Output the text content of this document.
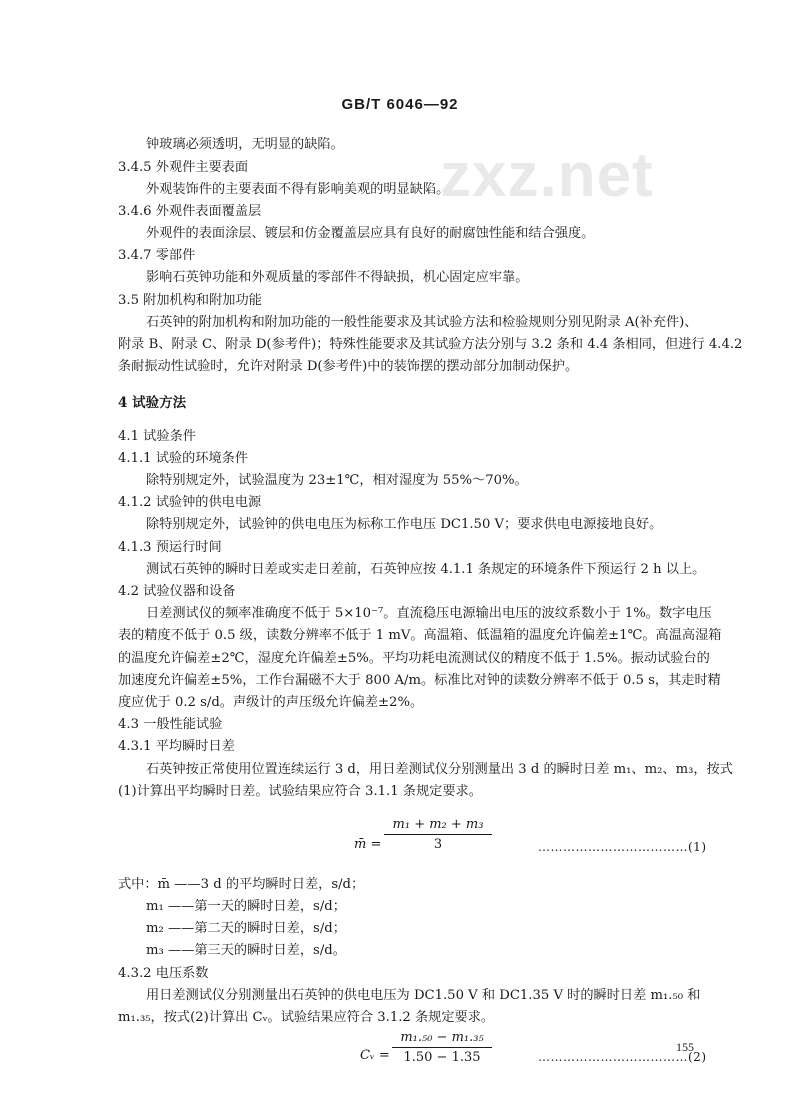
GB/T 6046—92
zxz.net
钟玻璃必须透明，无明显的缺陷。
3.4.5 外观件主要表面
外观装饰件的主要表面不得有影响美观的明显缺陷。
3.4.6 外观件表面覆盖层
外观件的表面涂层、镀层和仿金覆盖层应具有良好的耐腐蚀性能和结合强度。
3.4.7 零部件
影响石英钟功能和外观质量的零部件不得缺损，机心固定应牢靠。
3.5 附加机构和附加功能
石英钟的附加机构和附加功能的一般性能要求及其试验方法和检验规则分别见附录 A(补充件)、
附录 B、附录 C、附录 D(参考件)；特殊性能要求及其试验方法分别与 3.2 条和 4.4 条相同，但进行 4.4.2
条耐振动性试验时，允许对附录 D(参考件)中的装饰摆的摆动部分加制动保护。
4 试验方法
4.1 试验条件
4.1.1 试验的环境条件
除特别规定外，试验温度为 23±1℃，相对湿度为 55%～70%。
4.1.2 试验钟的供电电源
除特别规定外，试验钟的供电电压为标称工作电压 DC1.50 V；要求供电电源接地良好。
4.1.3 预运行时间
测试石英钟的瞬时日差或实走日差前，石英钟应按 4.1.1 条规定的环境条件下预运行 2 h 以上。
4.2 试验仪器和设备
日差测试仪的频率准确度不低于 5×10⁻⁷。直流稳压电源输出电压的波纹系数小于 1%。数字电压
表的精度不低于 0.5 级，读数分辨率不低于 1 mV。高温箱、低温箱的温度允许偏差±1℃。高温高湿箱
的温度允许偏差±2℃，湿度允许偏差±5%。平均功耗电流测试仪的精度不低于 1.5%。振动试验台的
加速度允许偏差±5%，工作台漏磁不大于 800 A/m。标准比对钟的读数分辨率不低于 0.5 s，其走时精
度应优于 0.2 s/d。声级计的声压级允许偏差±2%。
4.3 一般性能试验
4.3.1 平均瞬时日差
石英钟按正常使用位置连续运行 3 d，用日差测试仪分别测量出 3 d 的瞬时日差 m₁、m₂、m₃，按式
(1)计算出平均瞬时日差。试验结果应符合 3.1.1 条规定要求。
m̄ = $\frac{\text{m₁ + m₂ + m₃}}{3}$	………………………………(1)
式中：m̄ ——3 d 的平均瞬时日差，s/d；
m₁ ——第一天的瞬时日差，s/d；
m₂ ——第二天的瞬时日差，s/d；
m₃ ——第三天的瞬时日差，s/d。
4.3.2 电压系数
用日差测试仪分别测量出石英钟的供电电压为 DC1.50 V 和 DC1.35 V 时的瞬时日差 m₁.₅₀ 和
m₁.₃₅，按式(2)计算出 Cᵥ。试验结果应符合 3.1.2 条规定要求。
Cᵥ = $\frac{\text{m₁.₅₀ − m₁.₃₅}}{1.50 - 1.35}$	………………………………(2)
155
